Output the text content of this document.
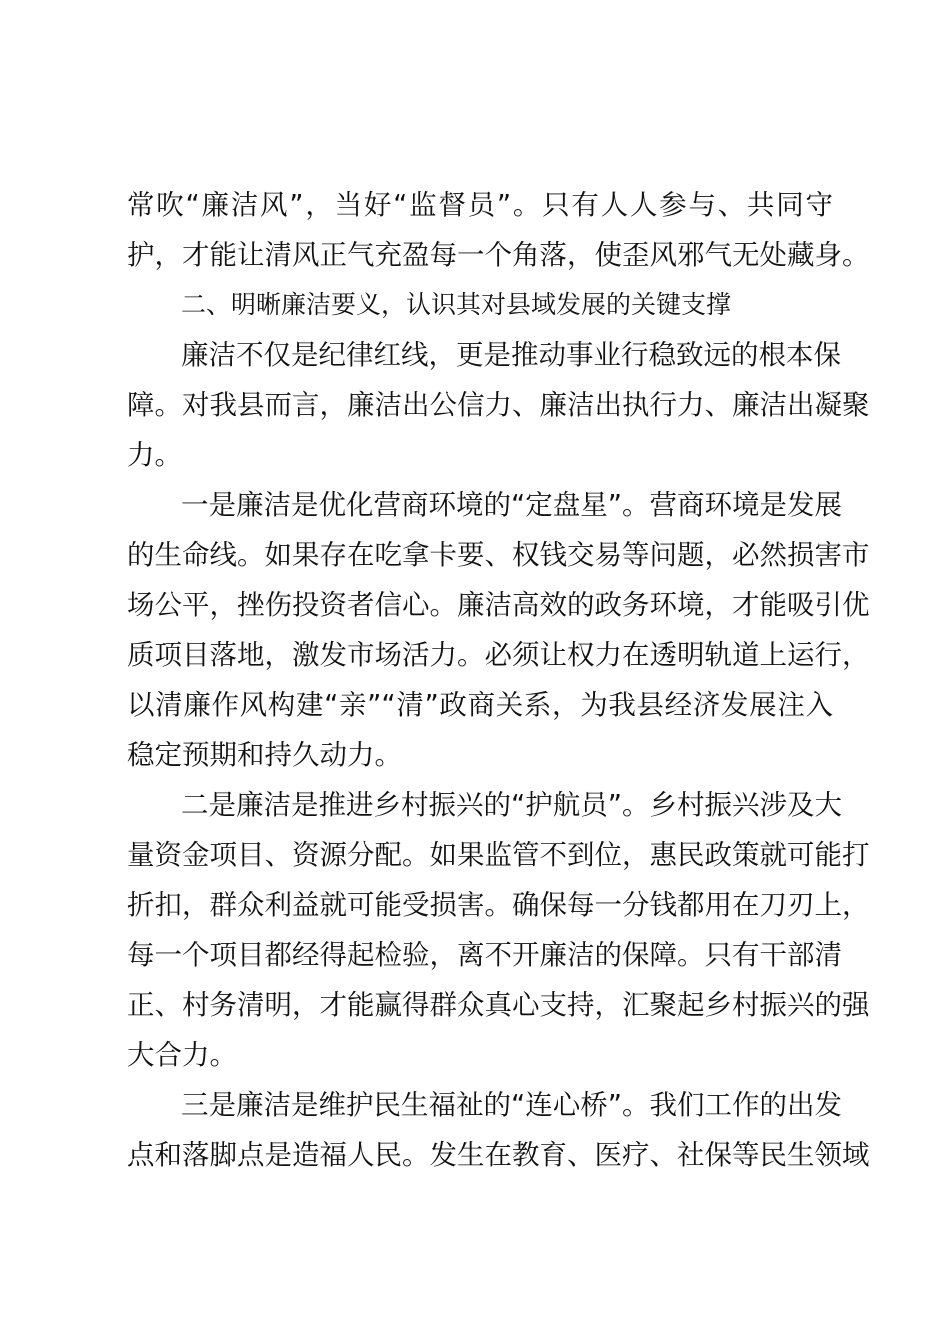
常吹“廉洁风”，当好“监督员”。只有人人参与、共同守
护，才能让清风正气充盈每一个角落，使歪风邪气无处藏身。
二、明晰廉洁要义，认识其对县域发展的关键支撑
廉洁不仅是纪律红线，更是推动事业行稳致远的根本保
障。对我县而言，廉洁出公信力、廉洁出执行力、廉洁出凝聚
力。
一是廉洁是优化营商环境的“定盘星”。营商环境是发展
的生命线。如果存在吃拿卡要、权钱交易等问题，必然损害市
场公平，挫伤投资者信心。廉洁高效的政务环境，才能吸引优
质项目落地，激发市场活力。必须让权力在透明轨道上运行，
以清廉作风构建“亲”“清”政商关系，为我县经济发展注入
稳定预期和持久动力。
二是廉洁是推进乡村振兴的“护航员”。乡村振兴涉及大
量资金项目、资源分配。如果监管不到位，惠民政策就可能打
折扣，群众利益就可能受损害。确保每一分钱都用在刀刃上，
每一个项目都经得起检验，离不开廉洁的保障。只有干部清
正、村务清明，才能赢得群众真心支持，汇聚起乡村振兴的强
大合力。
三是廉洁是维护民生福祉的“连心桥”。我们工作的出发
点和落脚点是造福人民。发生在教育、医疗、社保等民生领域
